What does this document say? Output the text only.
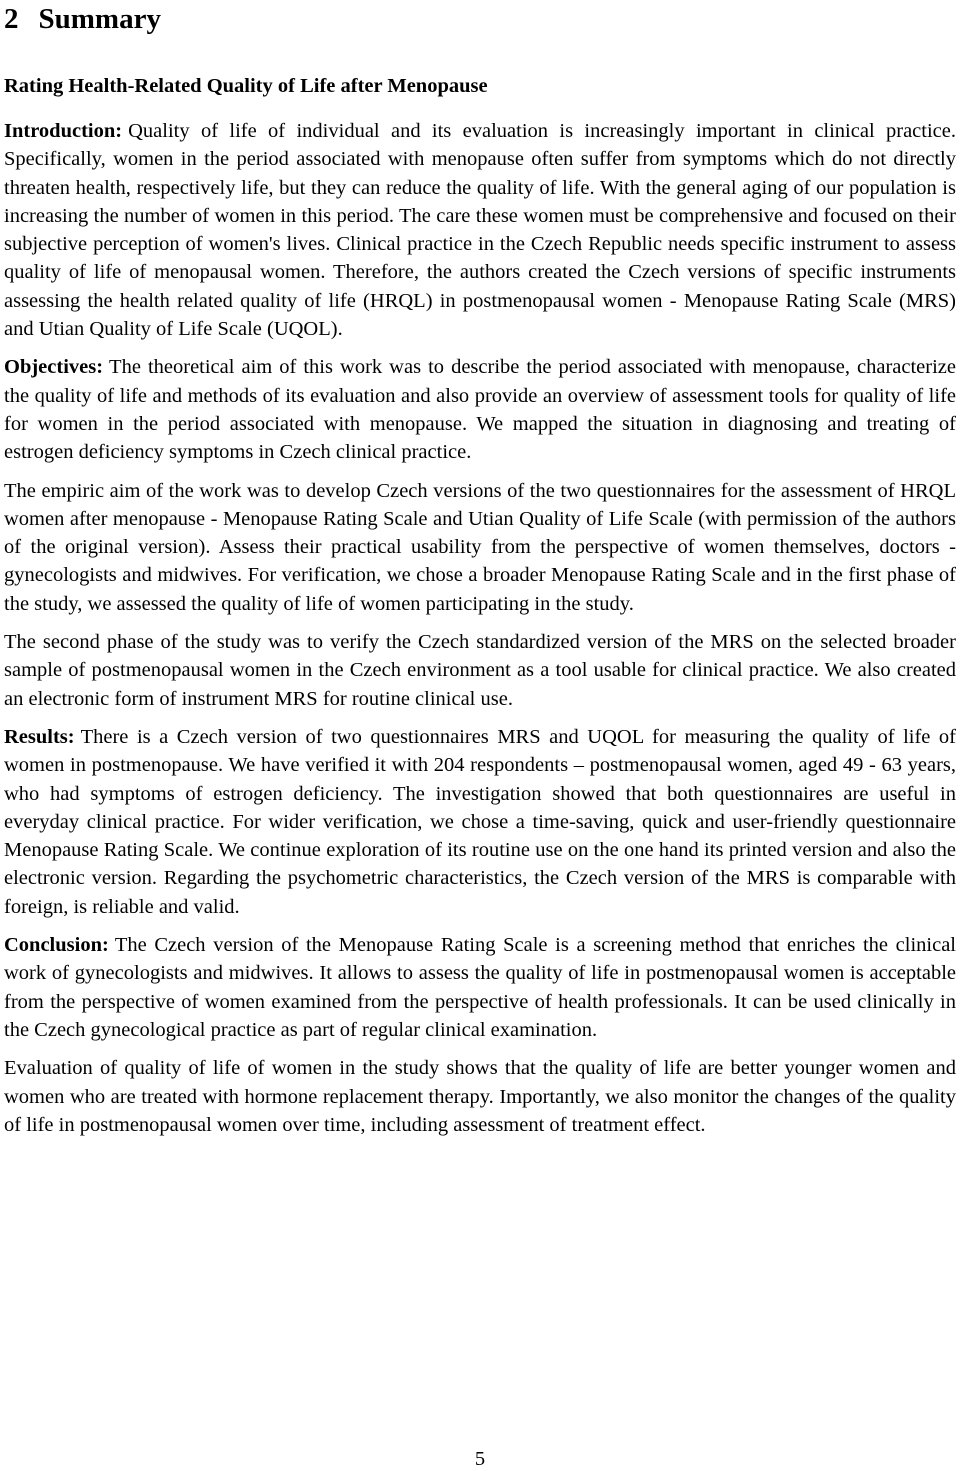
2 Summary
Rating Health-Related Quality of Life after Menopause

Introduction: Quality of life of individual and its evaluation is increasingly important in clinical practice. Specifically, women in the period associated with menopause often suffer from symptoms which do not directly threaten health, respectively life, but they can reduce the quality of life. With the general aging of our population is increasing the number of women in this period. The care these women must be comprehensive and focused on their subjective perception of women's lives. Clinical practice in the Czech Republic needs specific instrument to assess quality of life of menopausal women. Therefore, the authors created the Czech versions of specific instruments assessing the health related quality of life (HRQL) in postmenopausal women - Menopause Rating Scale (MRS) and Utian Quality of Life Scale (UQOL).

Objectives: The theoretical aim of this work was to describe the period associated with menopause, characterize the quality of life and methods of its evaluation and also provide an overview of assessment tools for quality of life for women in the period associated with menopause. We mapped the situation in diagnosing and treating of estrogen deficiency symptoms in Czech clinical practice.

The empiric aim of the work was to develop Czech versions of the two questionnaires for the assessment of HRQL women after menopause - Menopause Rating Scale and Utian Quality of Life Scale (with permission of the authors of the original version). Assess their practical usability from the perspective of women themselves, doctors - gynecologists and midwives. For verification, we chose a broader Menopause Rating Scale and in the first phase of the study, we assessed the quality of life of women participating in the study.

The second phase of the study was to verify the Czech standardized version of the MRS on the selected broader sample of postmenopausal women in the Czech environment as a tool usable for clinical practice. We also created an electronic form of instrument MRS for routine clinical use.

Results: There is a Czech version of two questionnaires MRS and UQOL for measuring the quality of life of women in postmenopause. We have verified it with 204 respondents – postmenopausal women, aged 49 - 63 years, who had symptoms of estrogen deficiency. The investigation showed that both questionnaires are useful in everyday clinical practice. For wider verification, we chose a time-saving, quick and user-friendly questionnaire Menopause Rating Scale. We continue exploration of its routine use on the one hand its printed version and also the electronic version. Regarding the psychometric characteristics, the Czech version of the MRS is comparable with foreign, is reliable and valid.

Conclusion: The Czech version of the Menopause Rating Scale is a screening method that enriches the clinical work of gynecologists and midwives. It allows to assess the quality of life in postmenopausal women is acceptable from the perspective of women examined from the perspective of health professionals. It can be used clinically in the Czech gynecological practice as part of regular clinical examination.

Evaluation of quality of life of women in the study shows that the quality of life are better younger women and women who are treated with hormone replacement therapy. Importantly, we also monitor the changes of the quality of life in postmenopausal women over time, including assessment of treatment effect.

5
